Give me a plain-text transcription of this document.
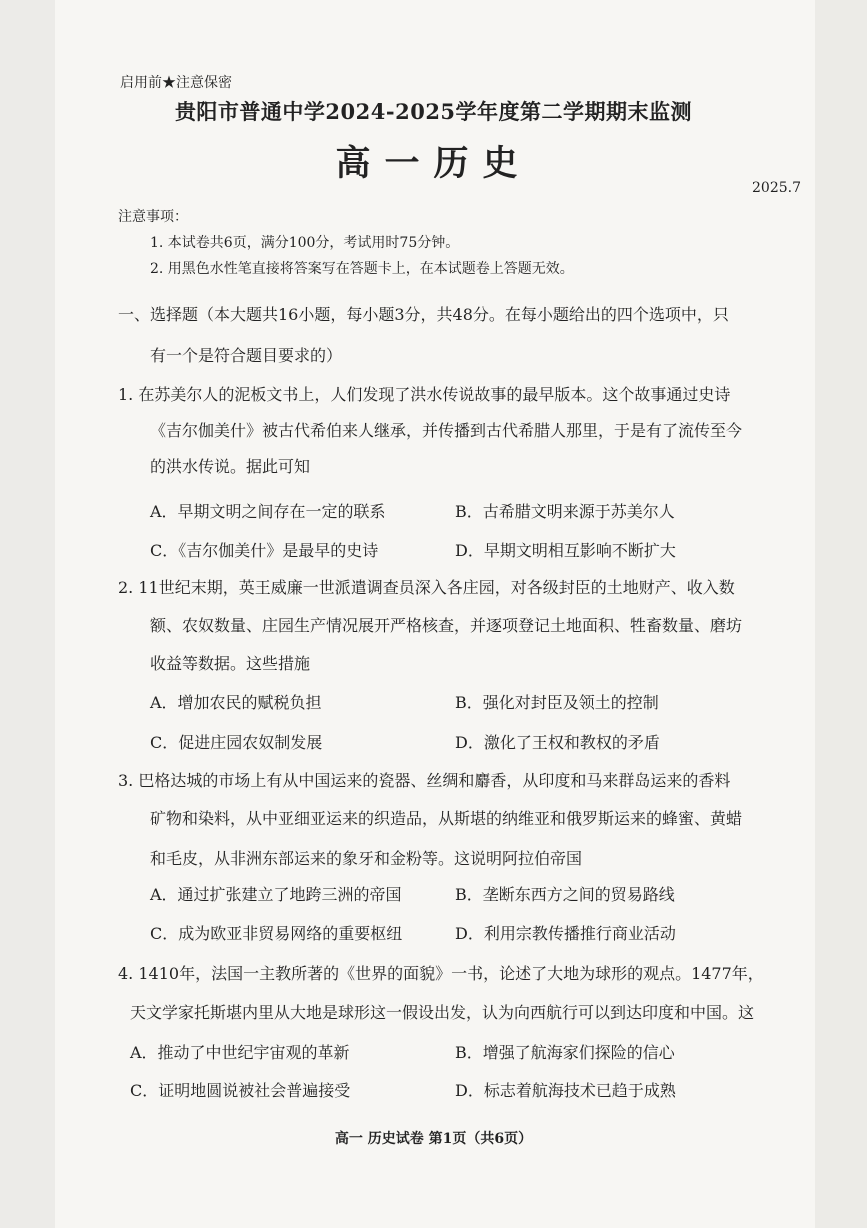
启用前★注意保密
贵阳市普通中学2024-2025学年度第二学期期末监测
高一历史
2025.7
注意事项：
1. 本试卷共6页，满分100分，考试用时75分钟。
2. 用黑色水性笔直接将答案写在答题卡上，在本试题卷上答题无效。
一、选择题（本大题共16小题，每小题3分，共48分。在每小题给出的四个选项中，只
有一个是符合题目要求的）
1. 在苏美尔人的泥板文书上，人们发现了洪水传说故事的最早版本。这个故事通过史诗
《吉尔伽美什》被古代希伯来人继承，并传播到古代希腊人那里，于是有了流传至今
的洪水传说。据此可知
A．早期文明之间存在一定的联系	B．古希腊文明来源于苏美尔人
C．《吉尔伽美什》是最早的史诗	D．早期文明相互影响不断扩大
2. 11世纪末期，英王威廉一世派遣调查员深入各庄园，对各级封臣的土地财产、收入数
额、农奴数量、庄园生产情况展开严格核查，并逐项登记土地面积、牲畜数量、磨坊
收益等数据。这些措施
A．增加农民的赋税负担	B．强化对封臣及领土的控制
C．促进庄园农奴制发展	D．激化了王权和教权的矛盾
3. 巴格达城的市场上有从中国运来的瓷器、丝绸和麝香，从印度和马来群岛运来的香料
矿物和染料，从中亚细亚运来的织造品，从斯堪的纳维亚和俄罗斯运来的蜂蜜、黄蜡
和毛皮，从非洲东部运来的象牙和金粉等。这说明阿拉伯帝国
A．通过扩张建立了地跨三洲的帝国	B．垄断东西方之间的贸易路线
C．成为欧亚非贸易网络的重要枢纽	D．利用宗教传播推行商业活动
4. 1410年，法国一主教所著的《世界的面貌》一书，论述了大地为球形的观点。1477年，
天文学家托斯堪内里从大地是球形这一假设出发，认为向西航行可以到达印度和中国。这
A．推动了中世纪宇宙观的革新	B．增强了航海家们探险的信心
C．证明地圆说被社会普遍接受	D．标志着航海技术已趋于成熟
高一 历史试卷 第1页（共6页）
